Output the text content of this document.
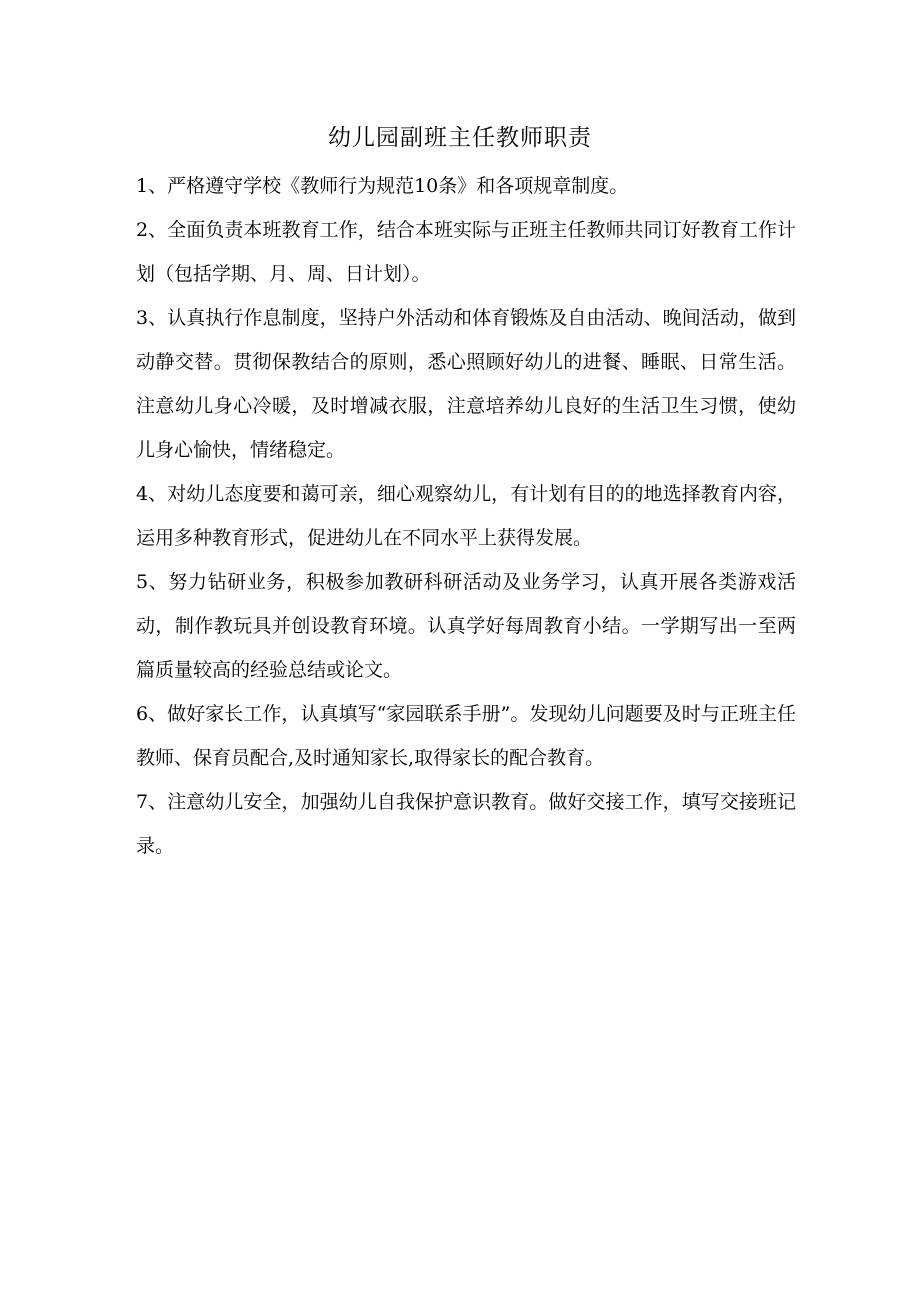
幼儿园副班主任教师职责

1、严格遵守学校《教师行为规范10条》和各项规章制度。

2、全面负责本班教育工作，结合本班实际与正班主任教师共同订好教育工作计划（包括学期、月、周、日计划）。

3、认真执行作息制度，坚持户外活动和体育锻炼及自由活动、晚间活动，做到动静交替。贯彻保教结合的原则，悉心照顾好幼儿的进餐、睡眠、日常生活。注意幼儿身心冷暖，及时增减衣服，注意培养幼儿良好的生活卫生习惯，使幼儿身心愉快，情绪稳定。

4、对幼儿态度要和蔼可亲，细心观察幼儿，有计划有目的的地选择教育内容，运用多种教育形式，促进幼儿在不同水平上获得发展。

5、努力钻研业务，积极参加教研科研活动及业务学习，认真开展各类游戏活动，制作教玩具并创设教育环境。认真学好每周教育小结。一学期写出一至两篇质量较高的经验总结或论文。

6、做好家长工作，认真填写“家园联系手册”。发现幼儿问题要及时与正班主任教师、保育员配合,及时通知家长,取得家长的配合教育。

7、注意幼儿安全，加强幼儿自我保护意识教育。做好交接工作，填写交接班记录。
